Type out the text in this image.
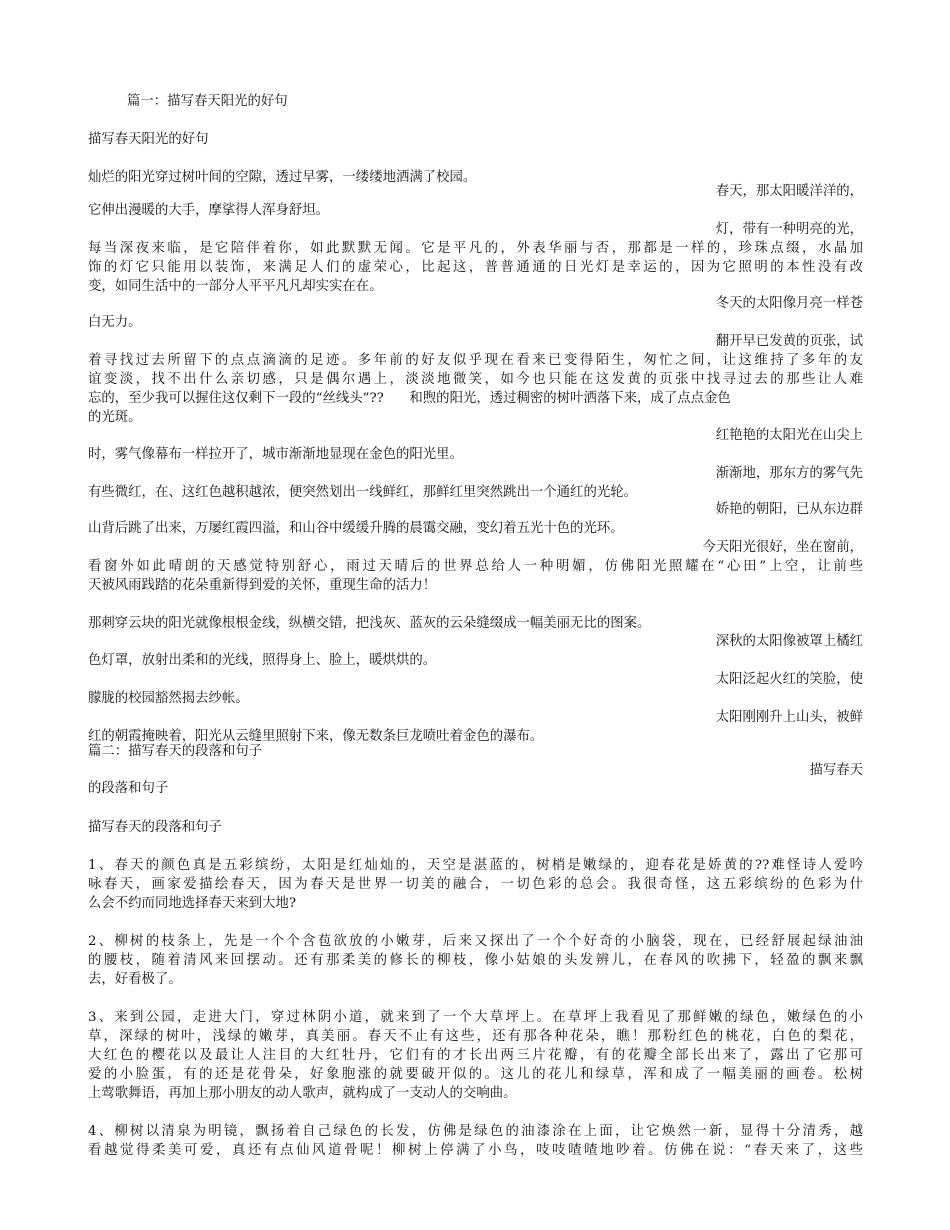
篇一：描写春天阳光的好句
描写春天阳光的好句
灿烂的阳光穿过树叶间的空隙，透过早雾，一缕缕地洒满了校园。
春天，那太阳暖洋洋的，
它伸出漫暖的大手，摩挲得人浑身舒坦。
灯，带有一种明亮的光，
每当深夜来临，是它陪伴着你，如此默默无闻。它是平凡的，外表华丽与否，那都是一样的，珍珠点缀，水晶加
饰的灯它只能用以装饰，来满足人们的虚荣心，比起这，普普通通的日光灯是幸运的，因为它照明的本性没有改
变，如同生活中的一部分人平平凡凡却实实在在。
冬天的太阳像月亮一样苍
白无力。
翻开早已发黄的页张，试
着寻找过去所留下的点点滴滴的足迹。多年前的好友似乎现在看来已变得陌生，匆忙之间，让这维持了多年的友
谊变淡，找不出什么亲切感，只是偶尔遇上，淡淡地微笑，如今也只能在这发黄的页张中找寻过去的那些让人难
忘的，至少我可以握住这仅剩下一段的“丝线头”??      和煦的阳光，透过稠密的树叶洒落下来，成了点点金色
的光斑。
红艳艳的太阳光在山尖上
时，雾气像幕布一样拉开了，城市渐渐地显现在金色的阳光里。
渐渐地，那东方的雾气先
有些微红，在、这红色越积越浓，便突然划出一线鲜红，那鲜红里突然跳出一个通红的光轮。
娇艳的朝阳，已从东边群
山背后跳了出来，万屡红霞四溢，和山谷中缓缓升腾的晨霭交融，变幻着五光十色的光环。
今天阳光很好，坐在窗前，
看窗外如此晴朗的天感觉特别舒心，雨过天晴后的世界总给人一种明媚，仿佛阳光照耀在“心田”上空，让前些
天被风雨践踏的花朵重新得到爱的关怀，重现生命的活力！
那刺穿云块的阳光就像根根金线，纵横交错，把浅灰、蓝灰的云朵缝缀成一幅美丽无比的图案。
深秋的太阳像被罩上橘红
色灯罩，放射出柔和的光线，照得身上、脸上，暖烘烘的。
太阳泛起火红的笑脸，使
朦胧的校园豁然揭去纱帐。
太阳刚刚升上山头，被鲜
红的朝霞掩映着，阳光从云缝里照射下来，像无数条巨龙喷吐着金色的瀑布。
篇二：描写春天的段落和句子
描写春天
的段落和句子
描写春天的段落和句子
1、春天的颜色真是五彩缤纷，太阳是红灿灿的，天空是湛蓝的，树梢是嫩绿的，迎春花是娇黄的??难怪诗人爱吟
咏春天，画家爱描绘春天，因为春天是世界一切美的融合，一切色彩的总会。我很奇怪，这五彩缤纷的色彩为什
么会不约而同地选择春天来到大地?
2、柳树的枝条上，先是一个个含苞欲放的小嫩芽，后来又探出了一个个好奇的小脑袋，现在，已经舒展起绿油油
的腰枝，随着清风来回摆动。还有那柔美的修长的柳枝，像小姑娘的头发辨儿，在春风的吹拂下，轻盈的飘来飘
去，好看极了。
3、来到公园，走进大门，穿过林阴小道，就来到了一个大草坪上。在草坪上我看见了那鲜嫩的绿色，嫩绿色的小
草，深绿的树叶，浅绿的嫩芽，真美丽。春天不止有这些，还有那各种花朵，瞧！那粉红色的桃花，白色的梨花，
大红色的樱花以及最让人注目的大红牡丹，它们有的才长出两三片花瓣，有的花瓣全部长出来了，露出了它那可
爱的小脸蛋，有的还是花骨朵，好象胞涨的就要破开似的。这儿的花儿和绿草，浑和成了一幅美丽的画卷。松树
上莺歌舞语，再加上那小朋友的动人歌声，就构成了一支动人的交响曲。
4、柳树以清泉为明镜，飘扬着自己绿色的长发，仿佛是绿色的油漆涂在上面，让它焕然一新，显得十分清秀，越
看越觉得柔美可爱，真还有点仙风道骨呢！柳树上停满了小鸟，吱吱喳喳地吵着。仿佛在说：“春天来了，这些
